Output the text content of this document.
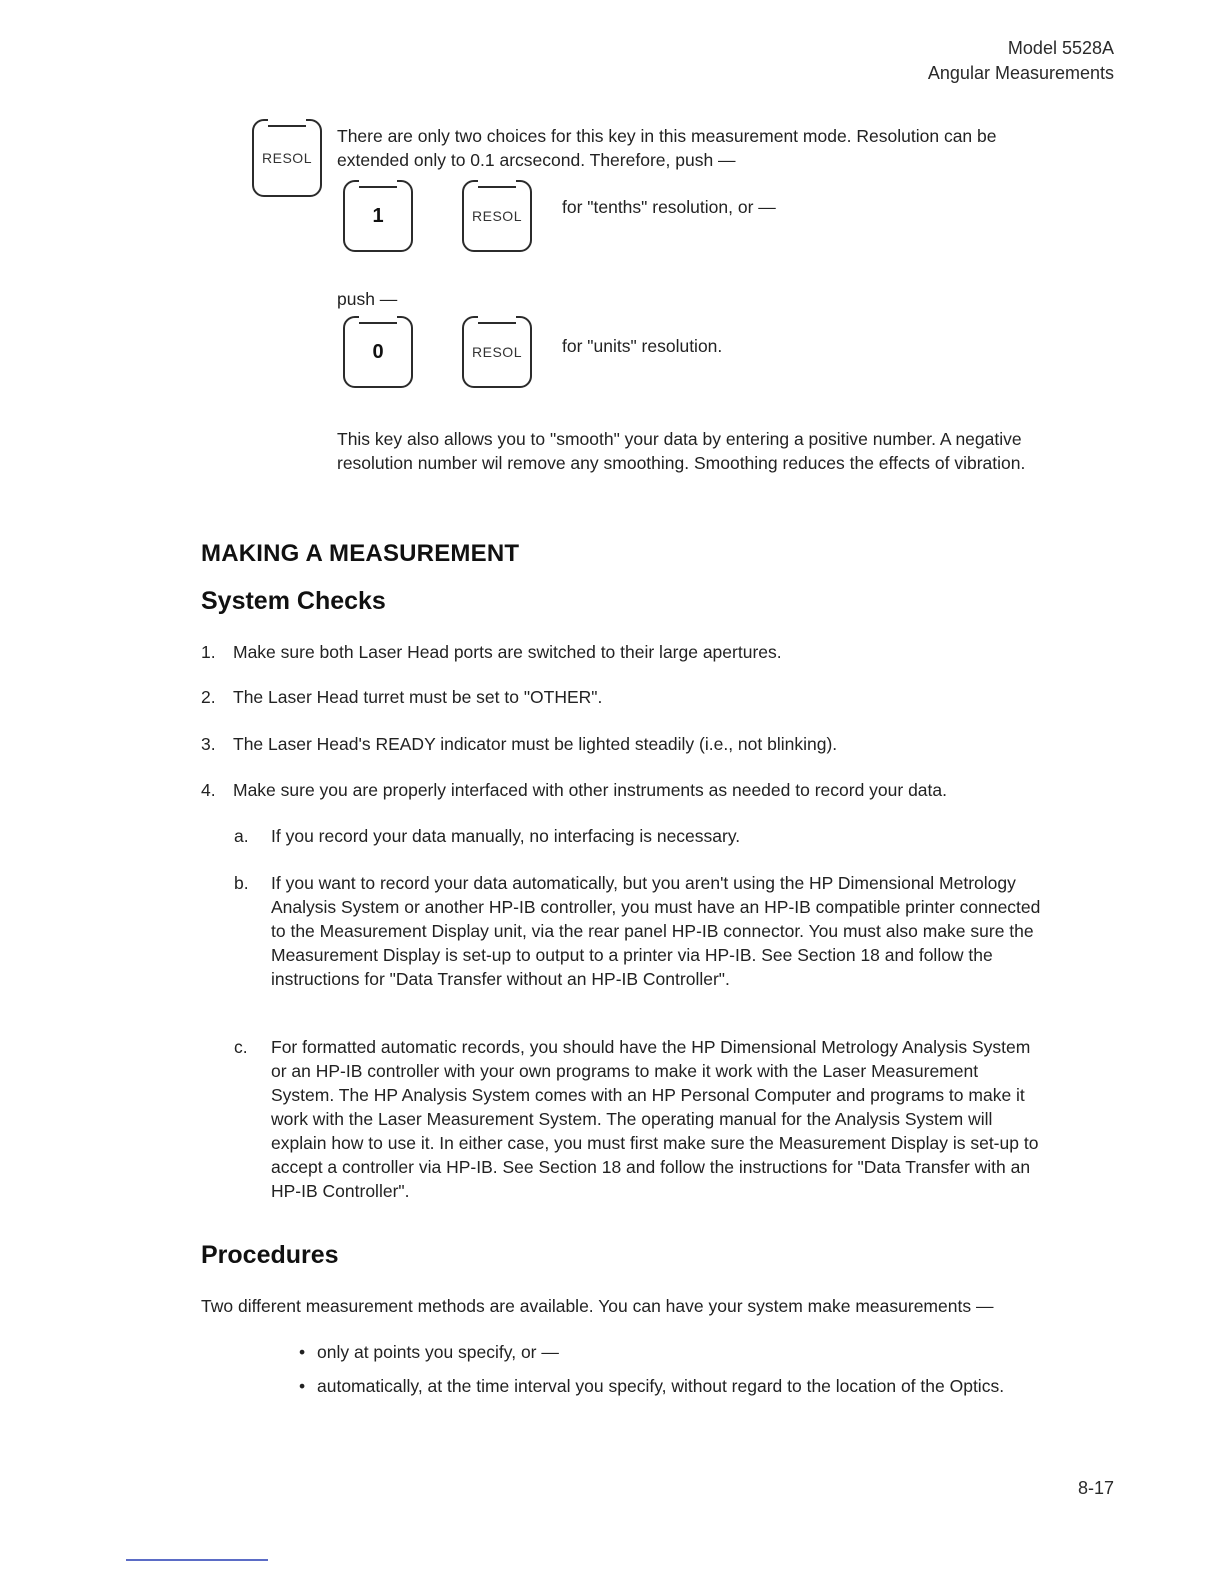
Model 5528A
Angular Measurements
RESOL
There are only two choices for this key in this measurement mode. Resolution can be extended only to 0.1 arcsecond. Therefore, push —
1	RESOL for "tenths" resolution, or —
push —
0	RESOL for "units" resolution.
This key also allows you to "smooth" your data by entering a positive number. A negative resolution number wil remove any smoothing. Smoothing reduces the effects of vibration.
MAKING A MEASUREMENT
System Checks
1. Make sure both Laser Head ports are switched to their large apertures.
2. The Laser Head turret must be set to "OTHER".
3. The Laser Head's READY indicator must be lighted steadily (i.e., not blinking).
4. Make sure you are properly interfaced with other instruments as needed to record your data.
a. If you record your data manually, no interfacing is necessary.
b. If you want to record your data automatically, but you aren't using the HP Dimensional Metrology Analysis System or another HP-IB controller, you must have an HP-IB compatible printer connected to the Measurement Display unit, via the rear panel HP-IB connector. You must also make sure the Measurement Display is set-up to output to a printer via HP-IB. See Section 18 and follow the instructions for "Data Transfer without an HP-IB Controller".
c. For formatted automatic records, you should have the HP Dimensional Metrology Analysis System or an HP-IB controller with your own programs to make it work with the Laser Measurement System. The HP Analysis System comes with an HP Personal Computer and programs to make it work with the Laser Measurement System. The operating manual for the Analysis System will explain how to use it. In either case, you must first make sure the Measurement Display is set-up to accept a controller via HP-IB. See Section 18 and follow the instructions for "Data Transfer with an HP-IB Controller".
Procedures
Two different measurement methods are available. You can have your system make measurements —
• only at points you specify, or —
• automatically, at the time interval you specify, without regard to the location of the Optics.
8-17
